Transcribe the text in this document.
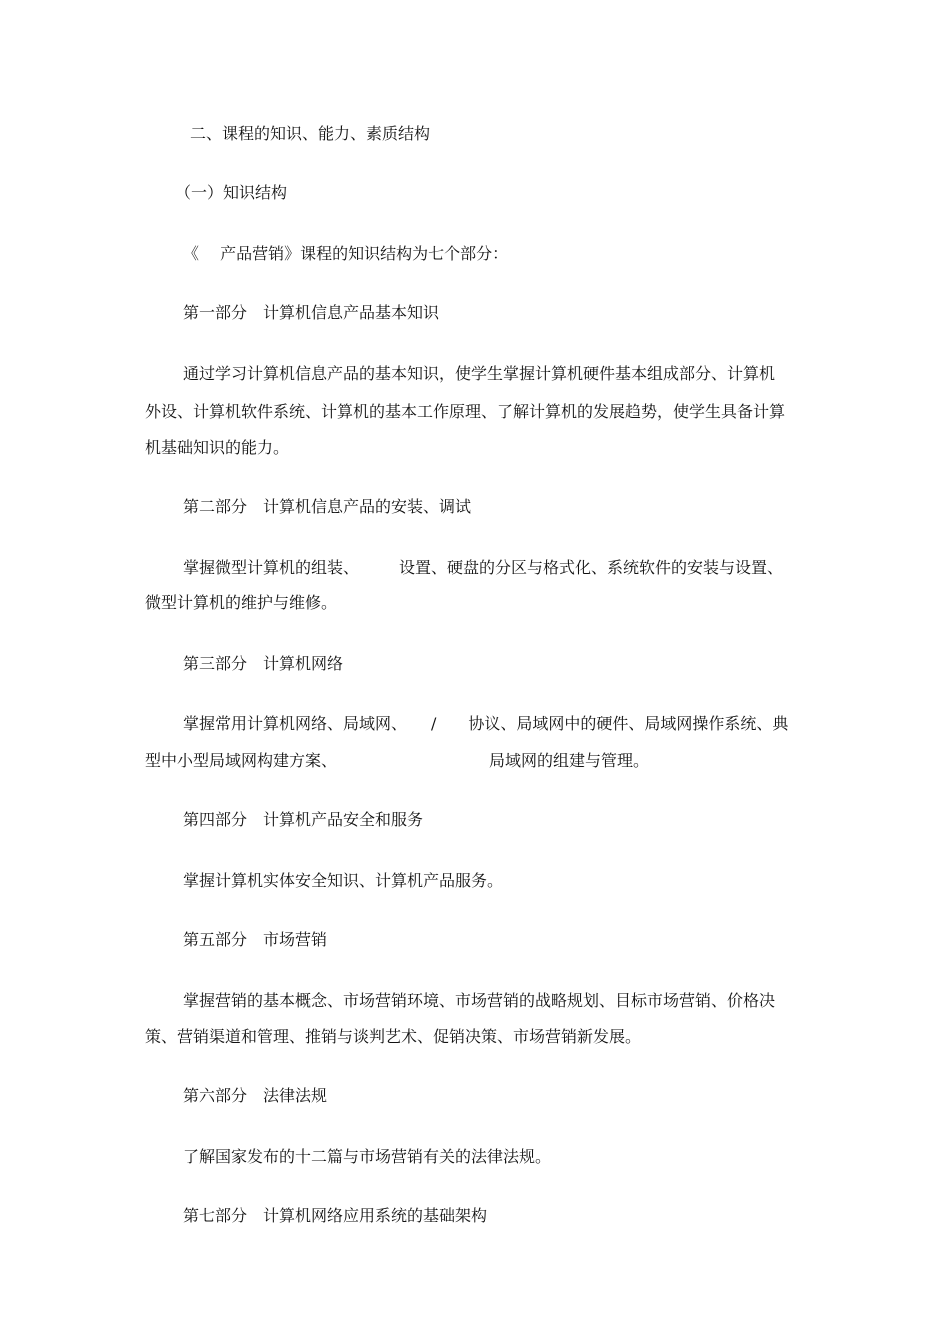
二、课程的知识、能力、素质结构
（一）知识结构
《　 产品营销》课程的知识结构为七个部分：
第一部分　计算机信息产品基本知识
通过学习计算机信息产品的基本知识，使学生掌握计算机硬件基本组成部分、计算机
外设、计算机软件系统、计算机的基本工作原理、了解计算机的发展趋势，使学生具备计算
机基础知识的能力。
第二部分　计算机信息产品的安装、调试
掌握微型计算机的组装、　　　设置、硬盘的分区与格式化、系统软件的安装与设置、
微型计算机的维护与维修。
第三部分　计算机网络
掌握常用计算机网络、局域网、　　/　　协议、局域网中的硬件、局域网操作系统、典
型中小型局域网构建方案、　　　　　　　　　　局域网的组建与管理。
第四部分　计算机产品安全和服务
掌握计算机实体安全知识、计算机产品服务。
第五部分　市场营销
掌握营销的基本概念、市场营销环境、市场营销的战略规划、目标市场营销、价格决
策、营销渠道和管理、推销与谈判艺术、促销决策、市场营销新发展。
第六部分　法律法规
了解国家发布的十二篇与市场营销有关的法律法规。
第七部分　计算机网络应用系统的基础架构
